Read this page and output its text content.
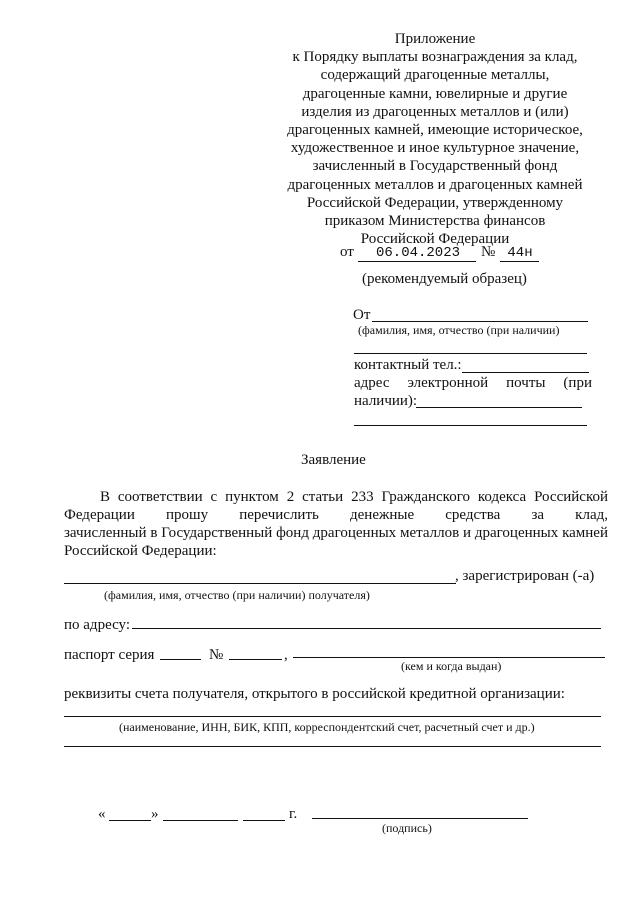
Приложение
к Порядку выплаты вознаграждения за клад,
содержащий драгоценные металлы,
драгоценные камни, ювелирные и другие
изделия из драгоценных металлов и (или)
драгоценных камней, имеющие историческое,
художественное и иное культурное значение,
зачисленный в Государственный фонд
драгоценных металлов и драгоценных камней
Российской Федерации, утвержденному
приказом Министерства финансов
Российской Федерации
от	06.04.2023	№ 44н
(рекомендуемый образец)
От
(фамилия, имя, отчество (при наличии)
контактный тел.:
адрес электронной почты (при
наличии):
Заявление
В соответствии с пунктом 2 статьи 233 Гражданского кодекса Российской
Федерации прошу перечислить денежные средства за клад,
зачисленный в Государственный фонд драгоценных металлов и драгоценных камней
Российской Федерации:
, зарегистрирован (-а)
(фамилия, имя, отчество (при наличии) получателя)
по адресу:
паспорт серия	№	,
(кем и когда выдан)
реквизиты счета получателя, открытого в российской кредитной организации:
(наименование, ИНН, БИК, КПП, корреспондентский счет, расчетный счет и др.)
«	»	г.
(подпись)
